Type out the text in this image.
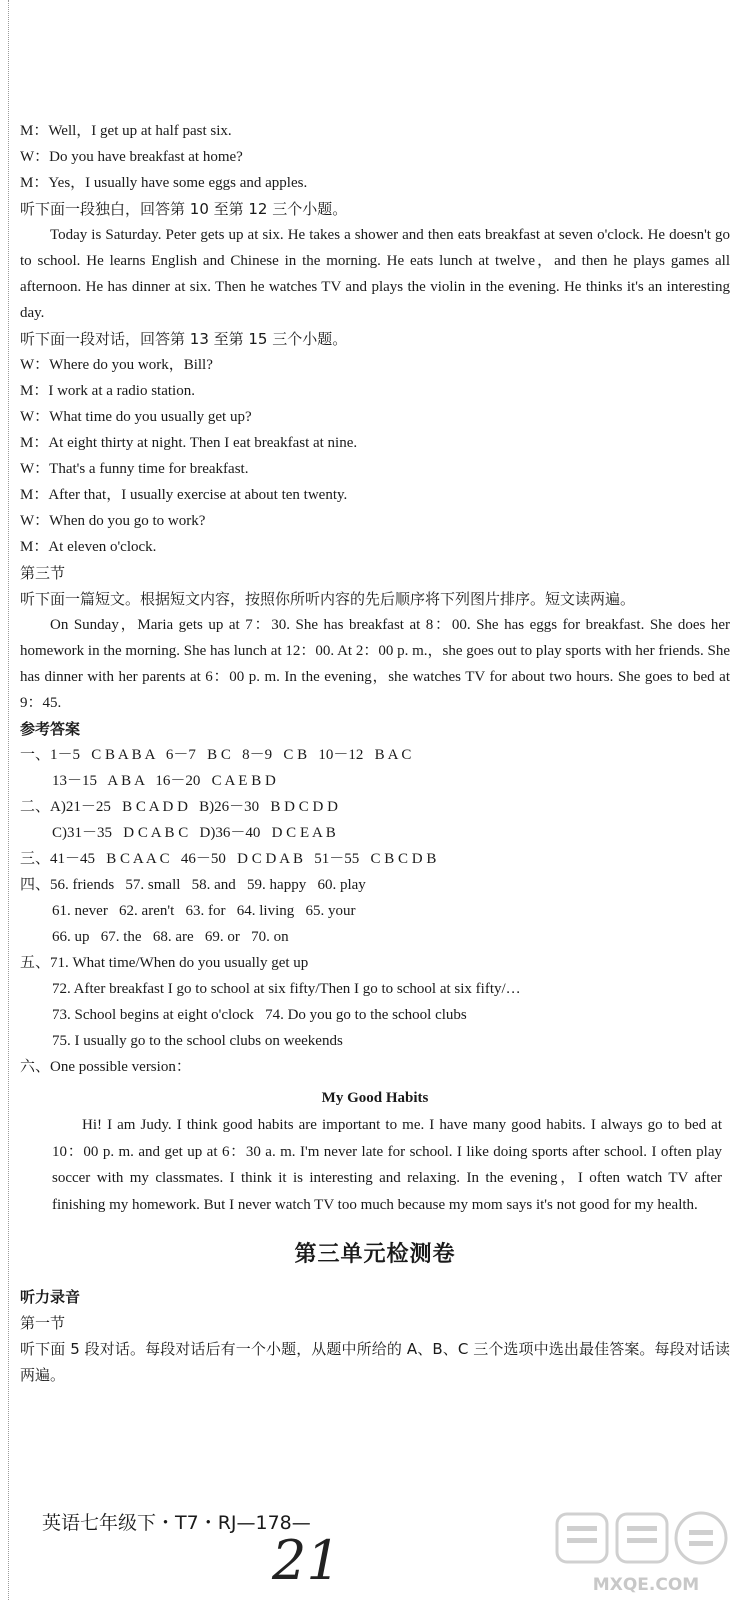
M：Well，I get up at half past six.
W：Do you have breakfast at home?
M：Yes，I usually have some eggs and apples.
听下面一段独白，回答第 10 至第 12 三个小题。
Today is Saturday. Peter gets up at six. He takes a shower and then eats breakfast at seven o'clock. He doesn't go to school. He learns English and Chinese in the morning. He eats lunch at twelve，and then he plays games all afternoon. He has dinner at six. Then he watches TV and plays the violin in the evening. He thinks it's an interesting day.
听下面一段对话，回答第 13 至第 15 三个小题。
W：Where do you work，Bill?
M：I work at a radio station.
W：What time do you usually get up?
M：At eight thirty at night. Then I eat breakfast at nine.
W：That's a funny time for breakfast.
M：After that，I usually exercise at about ten twenty.
W：When do you go to work?
M：At eleven o'clock.
第三节
听下面一篇短文。根据短文内容，按照你所听内容的先后顺序将下列图片排序。短文读两遍。
On Sunday，Maria gets up at 7：30. She has breakfast at 8：00. She has eggs for breakfast. She does her homework in the morning. She has lunch at 12：00. At 2：00 p. m.，she goes out to play sports with her friends. She has dinner with her parents at 6：00 p. m. In the evening，she watches TV for about two hours. She goes to bed at 9：45.
参考答案
一、1－5   C B A B A   6－7   B C   8－9   C B   10－12   B A C
13－15   A B A   16－20   C A E B D
二、A)21－25   B C A D D   B)26－30   B D C D D
C)31－35   D C A B C   D)36－40   D C E A B
三、41－45   B C A A C   46－50   D C D A B   51－55   C B C D B
四、56. friends   57. small   58. and   59. happy   60. play
61. never   62. aren't   63. for   64. living   65. your
66. up   67. the   68. are   69. or   70. on
五、71. What time/When do you usually get up
72. After breakfast I go to school at six fifty/Then I go to school at six fifty/…
73. School begins at eight o'clock   74. Do you go to the school clubs
75. I usually go to the school clubs on weekends
六、One possible version：
My Good Habits
Hi! I am Judy. I think good habits are important to me. I have many good habits. I always go to bed at 10：00 p. m. and get up at 6：30 a. m. I'm never late for school. I like doing sports after school. I often play soccer with my classmates. I think it is interesting and relaxing. In the evening，I often watch TV after finishing my homework. But I never watch TV too much because my mom says it's not good for my health.
第三单元检测卷
听力录音
第一节
听下面 5 段对话。每段对话后有一个小题，从题中所给的 A、B、C 三个选项中选出最佳答案。每段对话读两遍。
英语七年级下・T7・RJ—178—
21	MXQE.COM
